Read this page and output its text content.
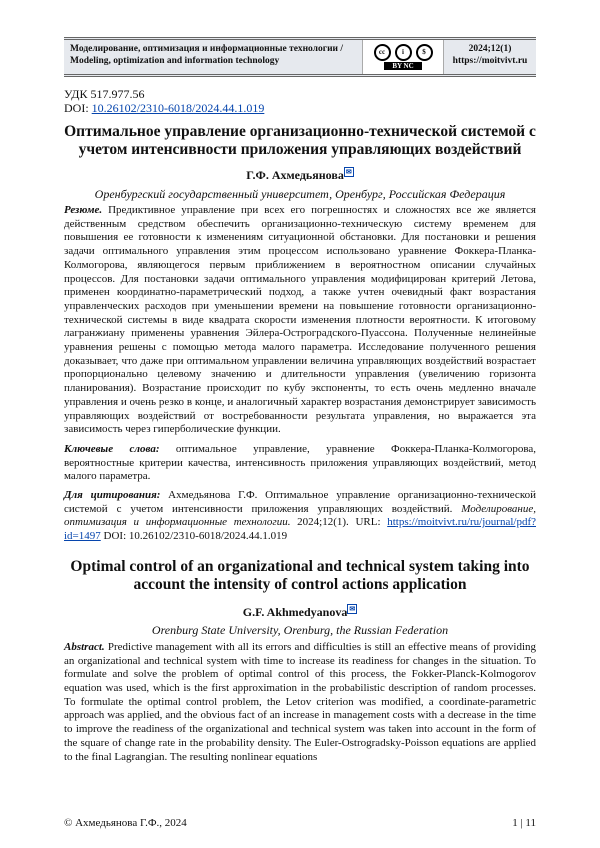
Моделирование, оптимизация и информационные технологии /
Modeling, optimization and information technology
cc	i	$
BY NC
2024;12(1)
https://moitvivt.ru
УДК 517.977.56
DOI: 10.26102/2310-6018/2024.44.1.019
Оптимальное управление организационно-технической системой с учетом интенсивности приложения управляющих воздействий
Г.Ф. Ахмедьянова ✉
Оренбургский государственный университет, Оренбург, Российская Федерация
Резюме. Предиктивное управление при всех его погрешностях и сложностях все же является действенным средством обеспечить организационно-техническую систему временем для повышения ее готовности к изменениям ситуационной обстановки. Для постановки и решения задачи оптимального управления этим процессом использовано уравнение Фоккера-Планка-Колмогорова, являющегося первым приближением в вероятностном описании случайных процессов. Для постановки задачи оптимального управления модифицирован критерий Летова, применен координатно-параметрический подход, а также учтен очевидный факт возрастания управленческих расходов при уменьшении времени на повышение готовности организационно-технической системы в виде квадрата скорости изменения плотности вероятности. К итоговому лагранжиану применены уравнения Эйлера-Остроградского-Пуассона. Полученные нелинейные уравнения решены с помощью метода малого параметра. Исследование полученного решения доказывает, что даже при оптимальном управлении величина управляющих воздействий возрастает пропорционально целевому значению и длительности управления (увеличению горизонта планирования). Возрастание происходит по кубу экспоненты, то есть очень медленно вначале управления и очень резко в конце, и аналогичный характер возрастания демонстрирует зависимость управляющих воздействий от востребованности результата управления, но выражается эта зависимость через гиперболические функции.
Ключевые слова: оптимальное управление, уравнение Фоккера-Планка-Колмогорова, вероятностные критерии качества, интенсивность приложения управляющих воздействий, метод малого параметра.
Для цитирования: Ахмедьянова Г.Ф. Оптимальное управление организационно-технической системой с учетом интенсивности приложения управляющих воздействий. Моделирование, оптимизация и информационные технологии. 2024;12(1). URL: https://moitvivt.ru/ru/journal/pdf?id=1497 DOI: 10.26102/2310-6018/2024.44.1.019
Optimal control of an organizational and technical system taking into account the intensity of control actions application
G.F. Akhmedyanova ✉
Orenburg State University, Orenburg, the Russian Federation
Abstract. Predictive management with all its errors and difficulties is still an effective means of providing an organizational and technical system with time to increase its readiness for changes in the situation. To formulate and solve the problem of optimal control of this process, the Fokker-Planck-Kolmogorov equation was used, which is the first approximation in the probabilistic description of random processes. To formulate the optimal control problem, the Letov criterion was modified, a coordinate-parametric approach was applied, and the obvious fact of an increase in management costs with a decrease in the time to improve the readiness of the organizational and technical system was taken into account in the form of the square of change rate in the probability density. The Euler-Ostrogradsky-Poisson equations are applied to the final Lagrangian. The resulting nonlinear equations
© Ахмедьянова Г.Ф., 2024	1 | 11
